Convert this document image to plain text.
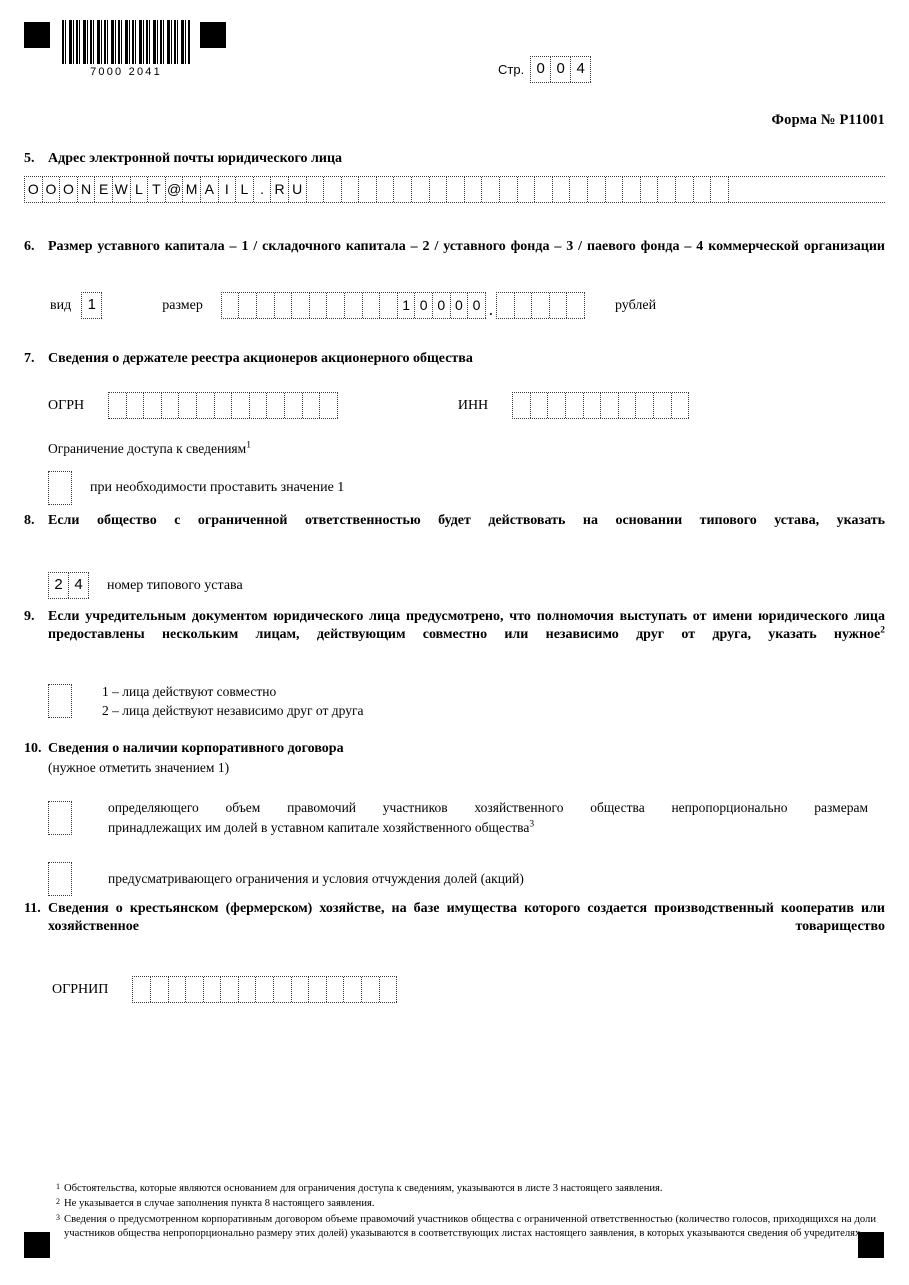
7000 2041	Стр. 0 0 4
Форма № Р11001
5. Адрес электронной почты юридического лица
O O O N E W L T @ M A I L . R U
6. Размер уставного капитала – 1 / складочного капитала – 2 / уставного фонда – 3 / паевого фонда – 4 коммерческой организации
вид	1	размер	1 0 0 0 0 .	рублей
7. Сведения о держателе реестра акционеров акционерного общества
ОГРН	ИНН
Ограничение доступа к сведениям$^1$
при необходимости проставить значение 1
8. Если общество с ограниченной ответственностью будет действовать на основании типового устава, указать
2 4	номер типового устава
9. Если учредительным документом юридического лица предусмотрено, что полномочия выступать от имени юридического лица предоставлены нескольким лицам, действующим совместно или независимо друг от друга, указать нужное$^2$
1 – лица действуют совместно
2 – лица действуют независимо друг от друга
10. Сведения о наличии корпоративного договора
(нужное отметить значением 1)
определяющего объем правомочий участников хозяйственного общества непропорционально размерам
принадлежащих им долей в уставном капитале хозяйственного общества$^3$
предусматривающего ограничения и условия отчуждения долей (акций)
11. Сведения о крестьянском (фермерском) хозяйстве, на базе имущества которого создается производственный кооператив или хозяйственное товарищество
ОГРНИП
1 Обстоятельства, которые являются основанием для ограничения доступа к сведениям, указываются в листе 3 настоящего заявления.
2 Не указывается в случае заполнения пункта 8 настоящего заявления.
3 Сведения о предусмотренном корпоративным договором объеме правомочий участников общества с ограниченной ответственностью (количество голосов, приходящихся на доли участников общества непропорционально размеру этих долей) указываются в соответствующих листах настоящего заявления, в которых указываются сведения об учредителях.
